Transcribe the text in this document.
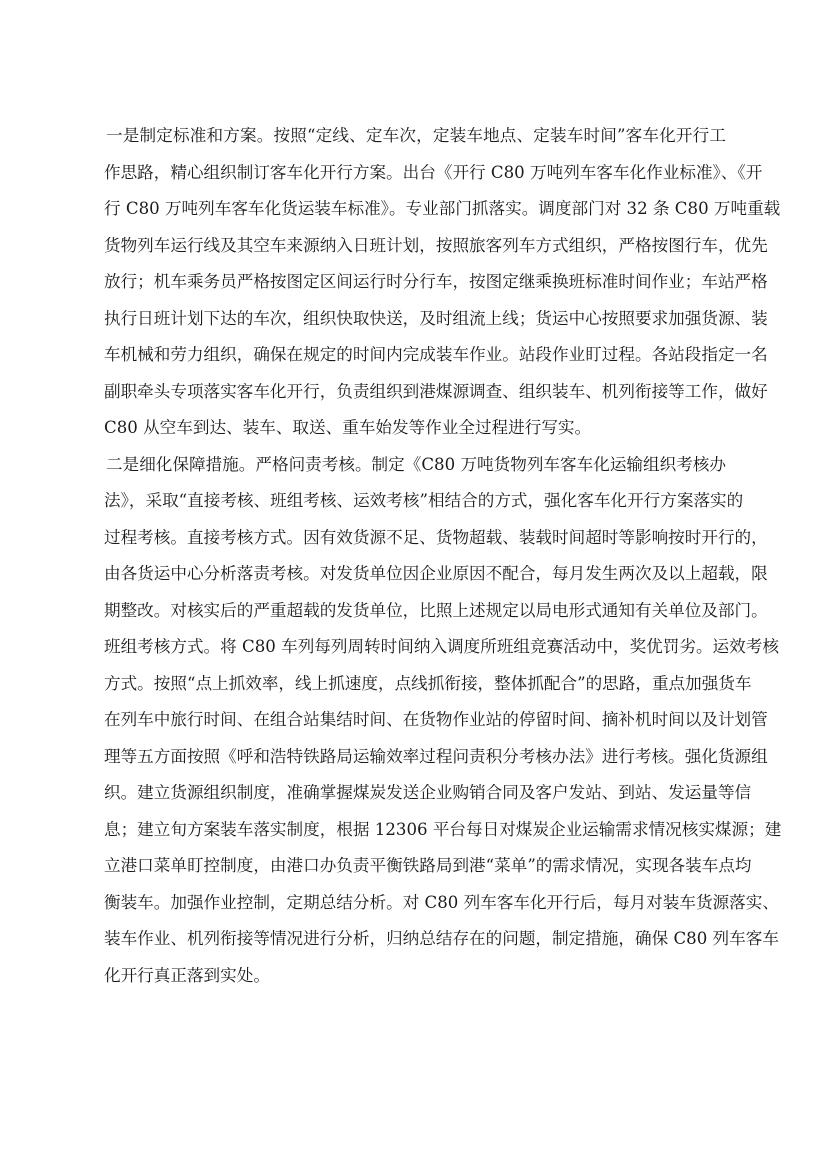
一是制定标准和方案。按照“定线、定车次，定装车地点、定装车时间”客车化开行工
作思路，精心组织制订客车化开行方案。出台《开行 C80 万吨列车客车化作业标准》、《开
行 C80 万吨列车客车化货运装车标准》。专业部门抓落实。调度部门对 32 条 C80 万吨重载
货物列车运行线及其空车来源纳入日班计划，按照旅客列车方式组织，严格按图行车，优先
放行；机车乘务员严格按图定区间运行时分行车，按图定继乘换班标准时间作业；车站严格
执行日班计划下达的车次，组织快取快送，及时组流上线；货运中心按照要求加强货源、装
车机械和劳力组织，确保在规定的时间内完成装车作业。站段作业盯过程。各站段指定一名
副职牵头专项落实客车化开行，负责组织到港煤源调查、组织装车、机列衔接等工作，做好
C80 从空车到达、装车、取送、重车始发等作业全过程进行写实。
二是细化保障措施。严格问责考核。制定《C80 万吨货物列车客车化运输组织考核办
法》，采取“直接考核、班组考核、运效考核”相结合的方式，强化客车化开行方案落实的
过程考核。直接考核方式。因有效货源不足、货物超载、装载时间超时等影响按时开行的，
由各货运中心分析落责考核。对发货单位因企业原因不配合，每月发生两次及以上超载，限
期整改。对核实后的严重超载的发货单位，比照上述规定以局电形式通知有关单位及部门。
班组考核方式。将 C80 车列每列周转时间纳入调度所班组竞赛活动中，奖优罚劣。运效考核
方式。按照“点上抓效率，线上抓速度，点线抓衔接，整体抓配合”的思路，重点加强货车
在列车中旅行时间、在组合站集结时间、在货物作业站的停留时间、摘补机时间以及计划管
理等五方面按照《呼和浩特铁路局运输效率过程问责积分考核办法》进行考核。强化货源组
织。建立货源组织制度，准确掌握煤炭发送企业购销合同及客户发站、到站、发运量等信
息；建立旬方案装车落实制度，根据 12306 平台每日对煤炭企业运输需求情况核实煤源；建
立港口菜单盯控制度，由港口办负责平衡铁路局到港“菜单”的需求情况，实现各装车点均
衡装车。加强作业控制，定期总结分析。对 C80 列车客车化开行后，每月对装车货源落实、
装车作业、机列衔接等情况进行分析，归纳总结存在的问题，制定措施，确保 C80 列车客车
化开行真正落到实处。
